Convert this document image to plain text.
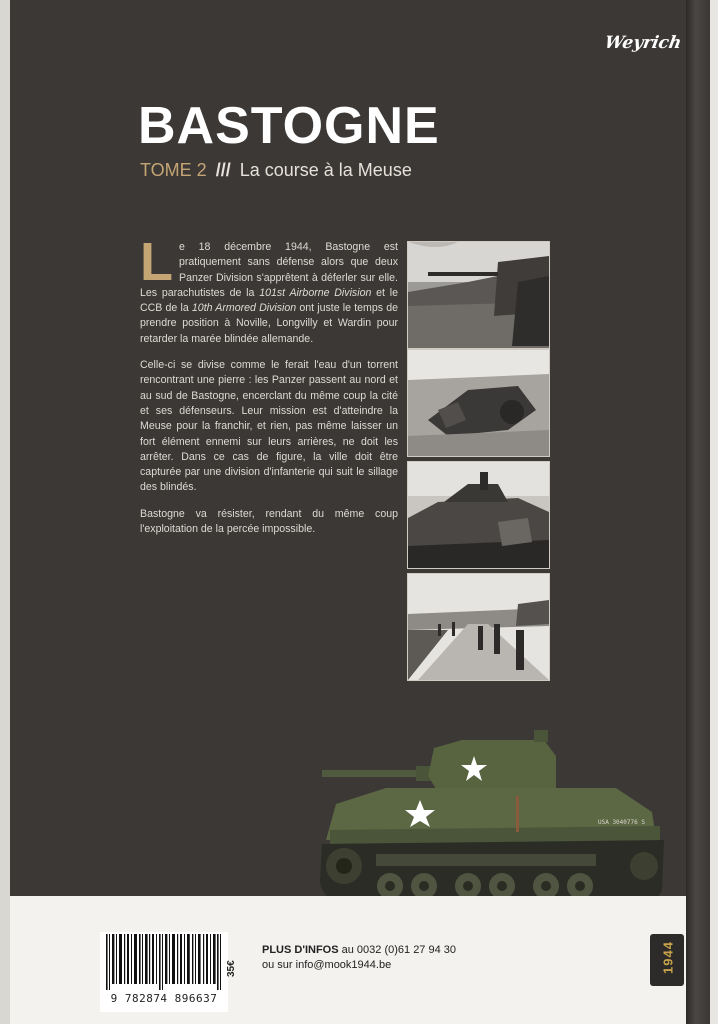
Weyrich
BASTOGNE
TOME 2 /// La course à la Meuse

Le 18 décembre 1944, Bastogne est pratiquement sans défense alors que deux Panzer Division s'apprêtent à déferler sur elle. Les parachutistes de la 101st Airborne Division et le CCB de la 10th Armored Division ont juste le temps de prendre position à Noville, Longvilly et Wardin pour retarder la marée blindée allemande.

Celle-ci se divise comme le ferait l'eau d'un torrent rencontrant une pierre : les Panzer passent au nord et au sud de Bastogne, encerclant du même coup la cité et ses défenseurs. Leur mission est d'atteindre la Meuse pour la franchir, et rien, pas même laisser un fort élément ennemi sur leurs arrières, ne doit les arrêter. Dans ce cas de figure, la ville doit être capturée par une division d'infanterie qui suit le sillage des blindés.

Bastogne va résister, rendant du même coup l'exploitation de la percée impossible.

USA 3040776 S
9 782874 896637
35€
PLUS D'INFOS au 0032 (0)61 27 94 30
ou sur info@mook1944.be	1944
